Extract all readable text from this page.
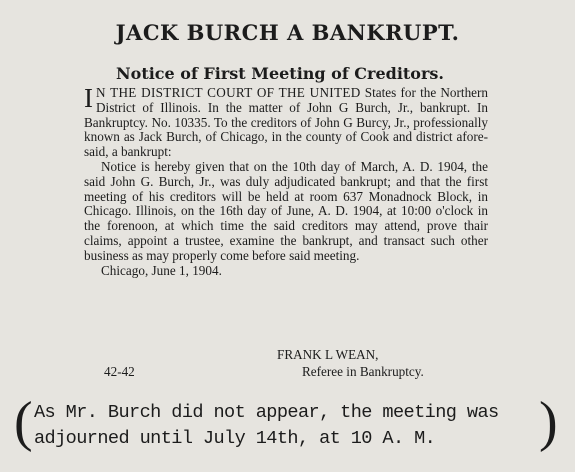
JACK BURCH A BANKRUPT.
Notice of First Meeting of Creditors.

I N THE DISTRICT COURT OF THE UNITED States for the Northern District of Illinois. In the matter of John G Burch, Jr., bankrupt. In Bankruptcy. No. 10335. To the creditors of John G Burcy, Jr., professionally known as Jack Burch, of Chicago, in the county of Cook and district afore-said, a bankrupt:

Notice is hereby given that on the 10th day of March, A. D. 1904, the said John G. Burch, Jr., was duly adjudicated bankrupt; and that the first meeting of his creditors will be held at room 637 Monadnock Block, in Chicago. Illinois, on the 16th day of June, A. D. 1904, at 10:00 o'clock in the forenoon, at which time the said creditors may attend, prove thair claims, appoint a trustee, examine the bankrupt, and transact such other business as may properly come before said meeting.

Chicago, June 1, 1904.

FRANK L WEAN,
42-42	Referee in Bankruptcy.
( As Mr. Burch did not appear, the meeting was
adjourned until July 14th, at 10 A. M. )
